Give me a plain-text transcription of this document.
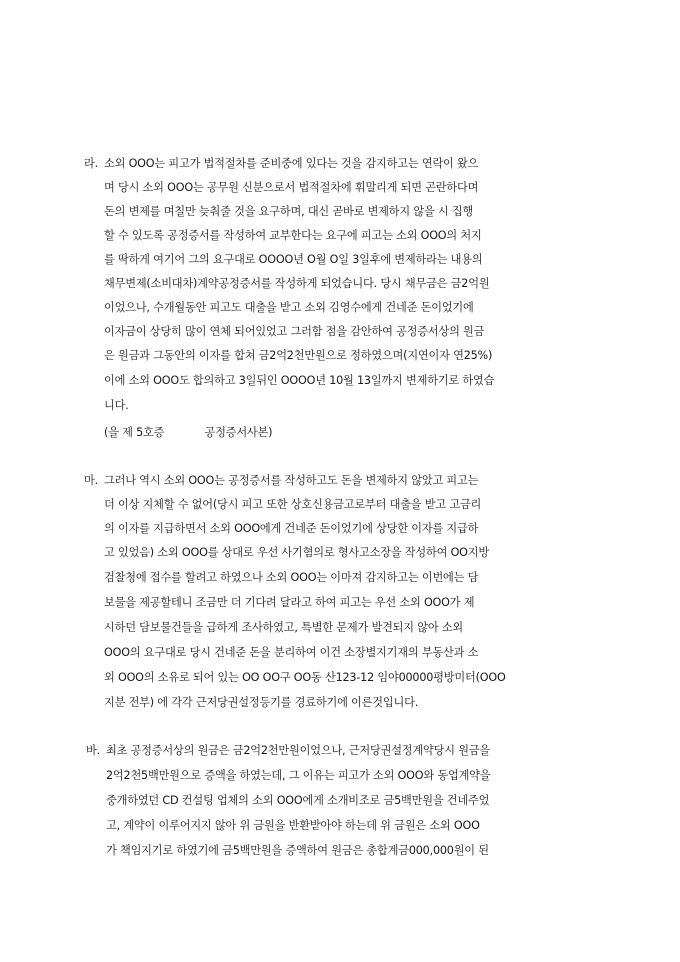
라. 소외 OOO는 피고가 법적절차를 준비중에 있다는 것을 감지하고는 연락이 왔으
며 당시 소외 OOO는 공무원 신분으로서 법적절차에 휘말리게 되면 곤란하다며
돈의 변제를 며칠만 늦춰줄 것을 요구하며, 대신 곧바로 변제하지 않을 시 집행
할 수 있도록 공정증서를 작성하여 교부한다는 요구에 피고는 소외 OOO의 처지
를 딱하게 여기어 그의 요구대로 OOOO년 O월 O일 3일후에 변제하라는 내용의
채무변제(소비대차)계약공정증서를 작성하게 되었습니다. 당시 채무금은 금2억원
이었으나, 수개월동안 피고도 대출을 받고 소외 김영수에게 건네준 돈이었기에
이자금이 상당히 많이 연체 되어있었고 그러함 점을 감안하여 공정증서상의 원금
은 원금과 그동안의 이자를 합쳐 금2억2천만원으로 정하였으며(지연이자 연25%)
이에 소외 OOO도 합의하고 3일뒤인 OOOO년 10월 13일까지 변제하기로 하였습
니다.
(을 제 5호증            공정증서사본)
마. 그러나 역시 소외 OOO는 공정증서를 작성하고도 돈을 변제하지 않았고 피고는
더 이상 지체할 수 없어(당시 피고 또한 상호신용금고로부터 대출을 받고 고금리
의 이자를 지급하면서 소외 OOO에게 건네준 돈이었기에 상당한 이자를 지급하
고 있었음) 소외 OOO를 상대로 우선 사기혐의로 형사고소장을 작성하여 OO지방
검찰청에 접수를 할려고 하였으나 소외 OOO는 이마져 감지하고는 이번에는 담
보물을 제공할테니 조금만 더 기다려 달라고 하여 피고는 우선 소외 OOO가 제
시하던 담보물건들을 급하게 조사하였고, 특별한 문제가 발견되지 않아 소외
OOO의 요구대로 당시 건네준 돈을 분리하여 이건 소장별지기재의 부동산과 소
외 OOO의 소유로 되어 있는 OO OO구 OO동 산123-12 임야00000평방미터(OOO
지분 전부) 에 각각 근저당권설정등기를 경료하기에 이른것입니다.
바. 최초 공정증서상의 원금은 금2억2천만원이었으나, 근저당권설정계약당시 원금을
2억2천5백만원으로 증액을 하였는데, 그 이유는 피고가 소외 OOO와 동업계약을
중개하였던 CD 컨설팅 업체의 소외 OOO에게 소개비조로 금5백만원을 건네주었
고, 계약이 이루어지지 않아 위 금원을 반환받아야 하는데 위 금원은 소외 OOO
가 책임지기로 하였기에 금5백만원을 증액하여 원금은 총합계금000,000원이 된
